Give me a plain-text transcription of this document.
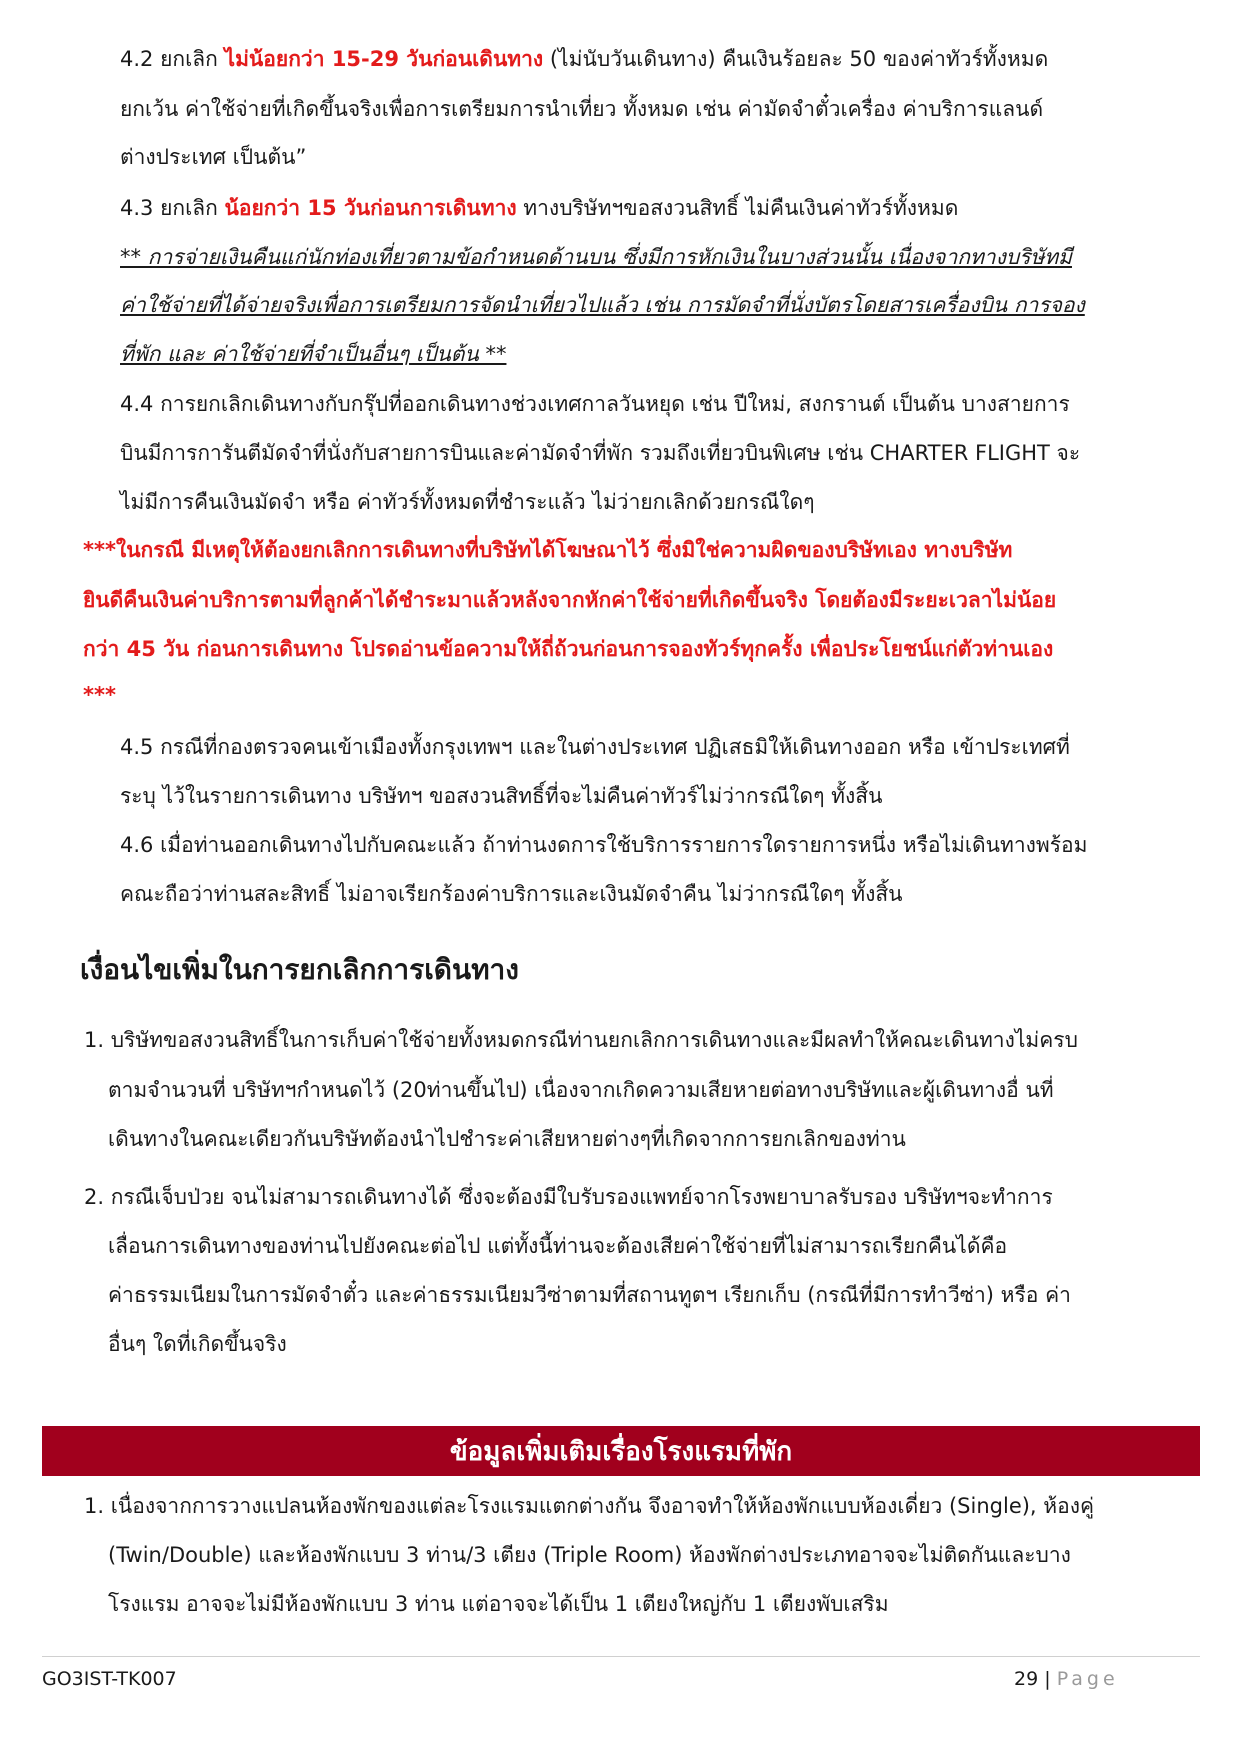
4.2 ยกเลิก ไม่น้อยกว่า 15-29 วันก่อนเดินทาง (ไม่นับวันเดินทาง) คืนเงินร้อยละ 50 ของค่าทัวร์ทั้งหมด
ยกเว้น ค่าใช้จ่ายที่เกิดขึ้นจริงเพื่อการเตรียมการนำเที่ยว ทั้งหมด เช่น ค่ามัดจำตั๋วเครื่อง ค่าบริการแลนด์
ต่างประเทศ เป็นต้น”
4.3 ยกเลิก น้อยกว่า 15 วันก่อนการเดินทาง ทางบริษัทฯขอสงวนสิทธิ์ ไม่คืนเงินค่าทัวร์ทั้งหมด
** การจ่ายเงินคืนแก่นักท่องเที่ยวตามข้อกำหนดด้านบน ซึ่งมีการหักเงินในบางส่วนนั้น เนื่องจากทางบริษัทมี
ค่าใช้จ่ายที่ได้จ่ายจริงเพื่อการเตรียมการจัดนำเที่ยวไปแล้ว เช่น การมัดจำที่นั่งบัตรโดยสารเครื่องบิน การจอง
ที่พัก และ ค่าใช้จ่ายที่จำเป็นอื่นๆ เป็นต้น **
4.4 การยกเลิกเดินทางกับกรุ๊ปที่ออกเดินทางช่วงเทศกาลวันหยุด เช่น ปีใหม่, สงกรานต์ เป็นต้น บางสายการ
บินมีการการันตีมัดจำที่นั่งกับสายการบินและค่ามัดจำที่พัก รวมถึงเที่ยวบินพิเศษ เช่น CHARTER FLIGHT จะ
ไม่มีการคืนเงินมัดจำ หรือ ค่าทัวร์ทั้งหมดที่ชำระแล้ว ไม่ว่ายกเลิกด้วยกรณีใดๆ
***ในกรณี มีเหตุให้ต้องยกเลิกการเดินทางที่บริษัทได้โฆษณาไว้ ซึ่งมิใช่ความผิดของบริษัทเอง ทางบริษัท
ยินดีคืนเงินค่าบริการตามที่ลูกค้าได้ชำระมาแล้วหลังจากหักค่าใช้จ่ายที่เกิดขึ้นจริง โดยต้องมีระยะเวลาไม่น้อย
กว่า 45 วัน ก่อนการเดินทาง โปรดอ่านข้อความให้ถี่ถ้วนก่อนการจองทัวร์ทุกครั้ง เพื่อประโยชน์แก่ตัวท่านเอง
***
4.5 กรณีที่กองตรวจคนเข้าเมืองทั้งกรุงเทพฯ และในต่างประเทศ ปฏิเสธมิให้เดินทางออก หรือ เข้าประเทศที่
ระบุ ไว้ในรายการเดินทาง บริษัทฯ ขอสงวนสิทธิ์ที่จะไม่คืนค่าทัวร์ไม่ว่ากรณีใดๆ ทั้งสิ้น
4.6 เมื่อท่านออกเดินทางไปกับคณะแล้ว ถ้าท่านงดการใช้บริการรายการใดรายการหนึ่ง หรือไม่เดินทางพร้อม
คณะถือว่าท่านสละสิทธิ์ ไม่อาจเรียกร้องค่าบริการและเงินมัดจำคืน ไม่ว่ากรณีใดๆ ทั้งสิ้น
เงื่อนไขเพิ่มในการยกเลิกการเดินทาง
1. บริษัทขอสงวนสิทธิ์ในการเก็บค่าใช้จ่ายทั้งหมดกรณีท่านยกเลิกการเดินทางและมีผลทำให้คณะเดินทางไม่ครบ
ตามจำนวนที่ บริษัทฯกำหนดไว้ (20ท่านขึ้นไป) เนื่องจากเกิดความเสียหายต่อทางบริษัทและผู้เดินทางอื่ นที่
เดินทางในคณะเดียวกันบริษัทต้องนำไปชำระค่าเสียหายต่างๆที่เกิดจากการยกเลิกของท่าน
2. กรณีเจ็บป่วย จนไม่สามารถเดินทางได้ ซึ่งจะต้องมีใบรับรองแพทย์จากโรงพยาบาลรับรอง บริษัทฯจะทำการ
เลื่อนการเดินทางของท่านไปยังคณะต่อไป แต่ทั้งนี้ท่านจะต้องเสียค่าใช้จ่ายที่ไม่สามารถเรียกคืนได้คือ
ค่าธรรมเนียมในการมัดจำตั๋ว และค่าธรรมเนียมวีซ่าตามที่สถานทูตฯ เรียกเก็บ (กรณีที่มีการทำวีซ่า) หรือ ค่า
อื่นๆ ใดที่เกิดขึ้นจริง
ข้อมูลเพิ่มเติมเรื่องโรงแรมที่พัก
1. เนื่องจากการวางแปลนห้องพักของแต่ละโรงแรมแตกต่างกัน จึงอาจทำให้ห้องพักแบบห้องเดี่ยว (Single), ห้องคู่
(Twin/Double) และห้องพักแบบ 3 ท่าน/3 เตียง (Triple Room) ห้องพักต่างประเภทอาจจะไม่ติดกันและบาง
โรงแรม อาจจะไม่มีห้องพักแบบ 3 ท่าน แต่อาจจะได้เป็น 1 เตียงใหญ่กับ 1 เตียงพับเสริม
GO3IST-TK007	29 | Page
